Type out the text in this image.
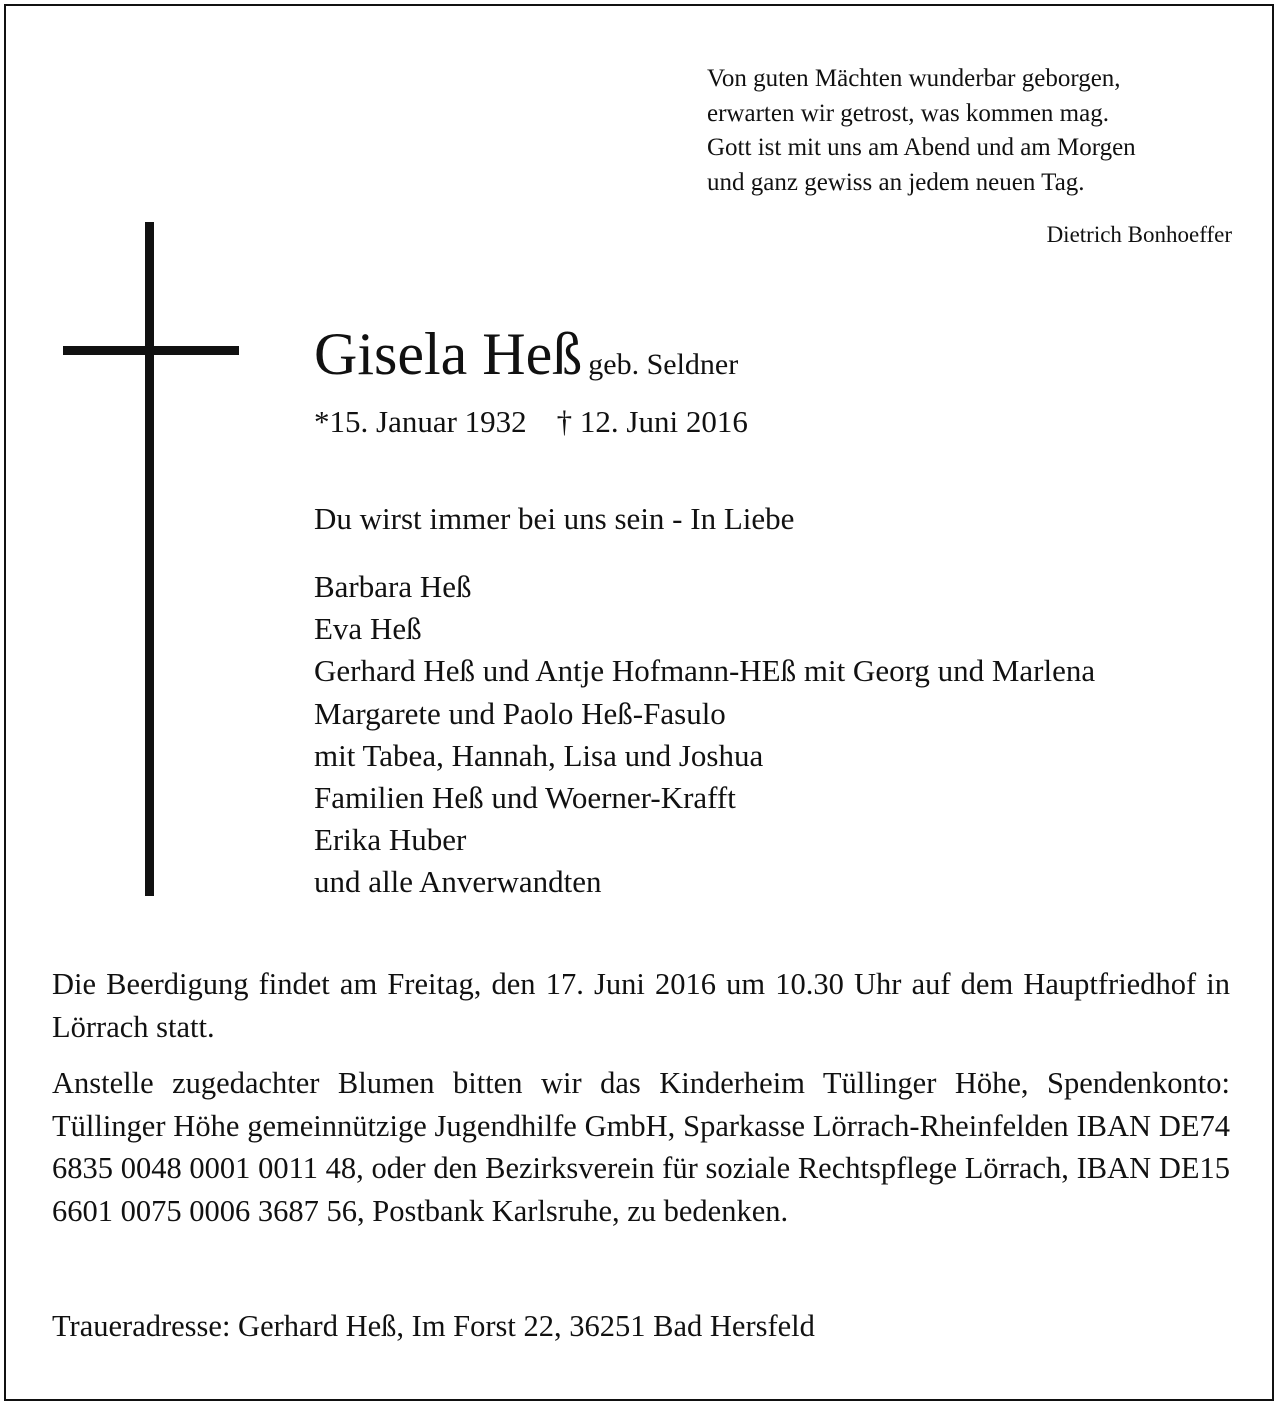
Von guten Mächten wunderbar geborgen,
erwarten wir getrost, was kommen mag.
Gott ist mit uns am Abend und am Morgen
und ganz gewiss an jedem neuen Tag.
Dietrich Bonhoeffer
Gisela Heß geb. Seldner
*15. Januar 1932 † 12. Juni 2016
Du wirst immer bei uns sein - In Liebe
Barbara Heß
Eva Heß
Gerhard Heß und Antje Hofmann-HEß mit Georg und Marlena
Margarete und Paolo Heß-Fasulo
mit Tabea, Hannah, Lisa und Joshua
Familien Heß und Woerner-Krafft
Erika Huber
und alle Anverwandten
Die Beerdigung findet am Freitag, den 17. Juni 2016 um 10.30 Uhr auf dem Hauptfriedhof in Lörrach statt.
Anstelle zugedachter Blumen bitten wir das Kinderheim Tüllinger Höhe, Spendenkonto: Tüllinger Höhe gemeinnützige Jugendhilfe GmbH, Sparkasse Lörrach-Rheinfelden IBAN DE74 6835 0048 0001 0011 48, oder den Bezirksverein für soziale Rechtspflege Lörrach, IBAN DE15 6601 0075 0006 3687 56, Postbank Karlsruhe, zu bedenken.
Traueradresse: Gerhard Heß, Im Forst 22, 36251 Bad Hersfeld
